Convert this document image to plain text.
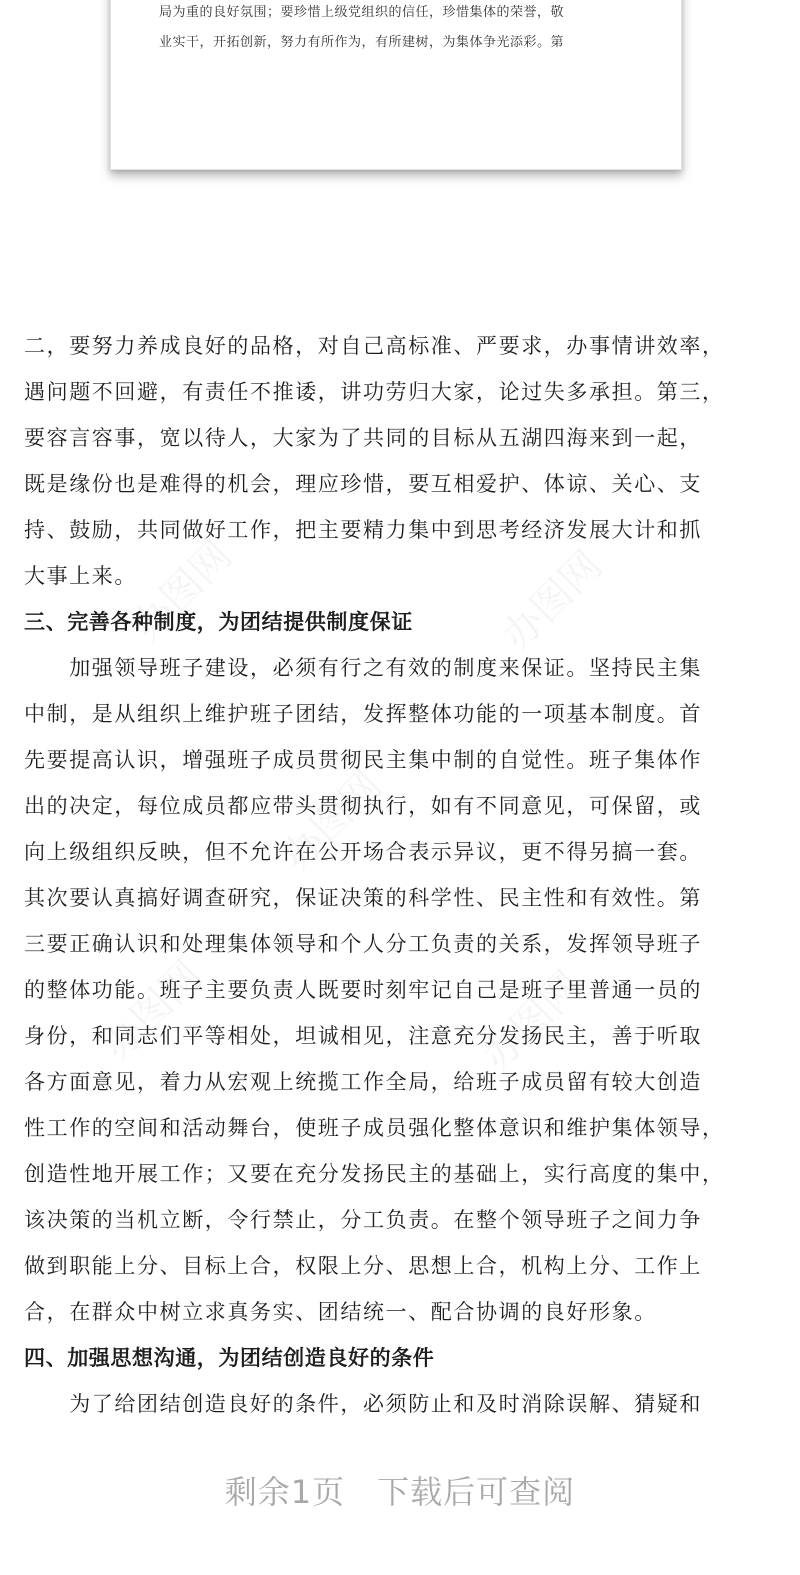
局为重的良好氛围；要珍惜上级党组织的信任，珍惜集体的荣誉，敬
业实干，开拓创新，努力有所作为，有所建树，为集体争光添彩。第
二，要努力养成良好的品格，对自己高标准、严要求，办事情讲效率，
遇问题不回避，有责任不推诿，讲功劳归大家，论过失多承担。第三，
要容言容事，宽以待人，大家为了共同的目标从五湖四海来到一起，
既是缘份也是难得的机会，理应珍惜，要互相爱护、体谅、关心、支
持、鼓励，共同做好工作，把主要精力集中到思考经济发展大计和抓
大事上来。
三、完善各种制度，为团结提供制度保证
　　加强领导班子建设，必须有行之有效的制度来保证。坚持民主集
中制，是从组织上维护班子团结，发挥整体功能的一项基本制度。首
先要提高认识，增强班子成员贯彻民主集中制的自觉性。班子集体作
出的决定，每位成员都应带头贯彻执行，如有不同意见，可保留，或
向上级组织反映，但不允许在公开场合表示异议，更不得另搞一套。
其次要认真搞好调查研究，保证决策的科学性、民主性和有效性。第
三要正确认识和处理集体领导和个人分工负责的关系，发挥领导班子
的整体功能。班子主要负责人既要时刻牢记自己是班子里普通一员的
身份，和同志们平等相处，坦诚相见，注意充分发扬民主，善于听取
各方面意见，着力从宏观上统揽工作全局，给班子成员留有较大创造
性工作的空间和活动舞台，使班子成员强化整体意识和维护集体领导，
创造性地开展工作；又要在充分发扬民主的基础上，实行高度的集中，
该决策的当机立断，令行禁止，分工负责。在整个领导班子之间力争
做到职能上分、目标上合，权限上分、思想上合，机构上分、工作上
合，在群众中树立求真务实、团结统一、配合协调的良好形象。
四、加强思想沟通，为团结创造良好的条件
　　为了给团结创造良好的条件，必须防止和及时消除误解、猜疑和
剩余1页 下载后可查阅
